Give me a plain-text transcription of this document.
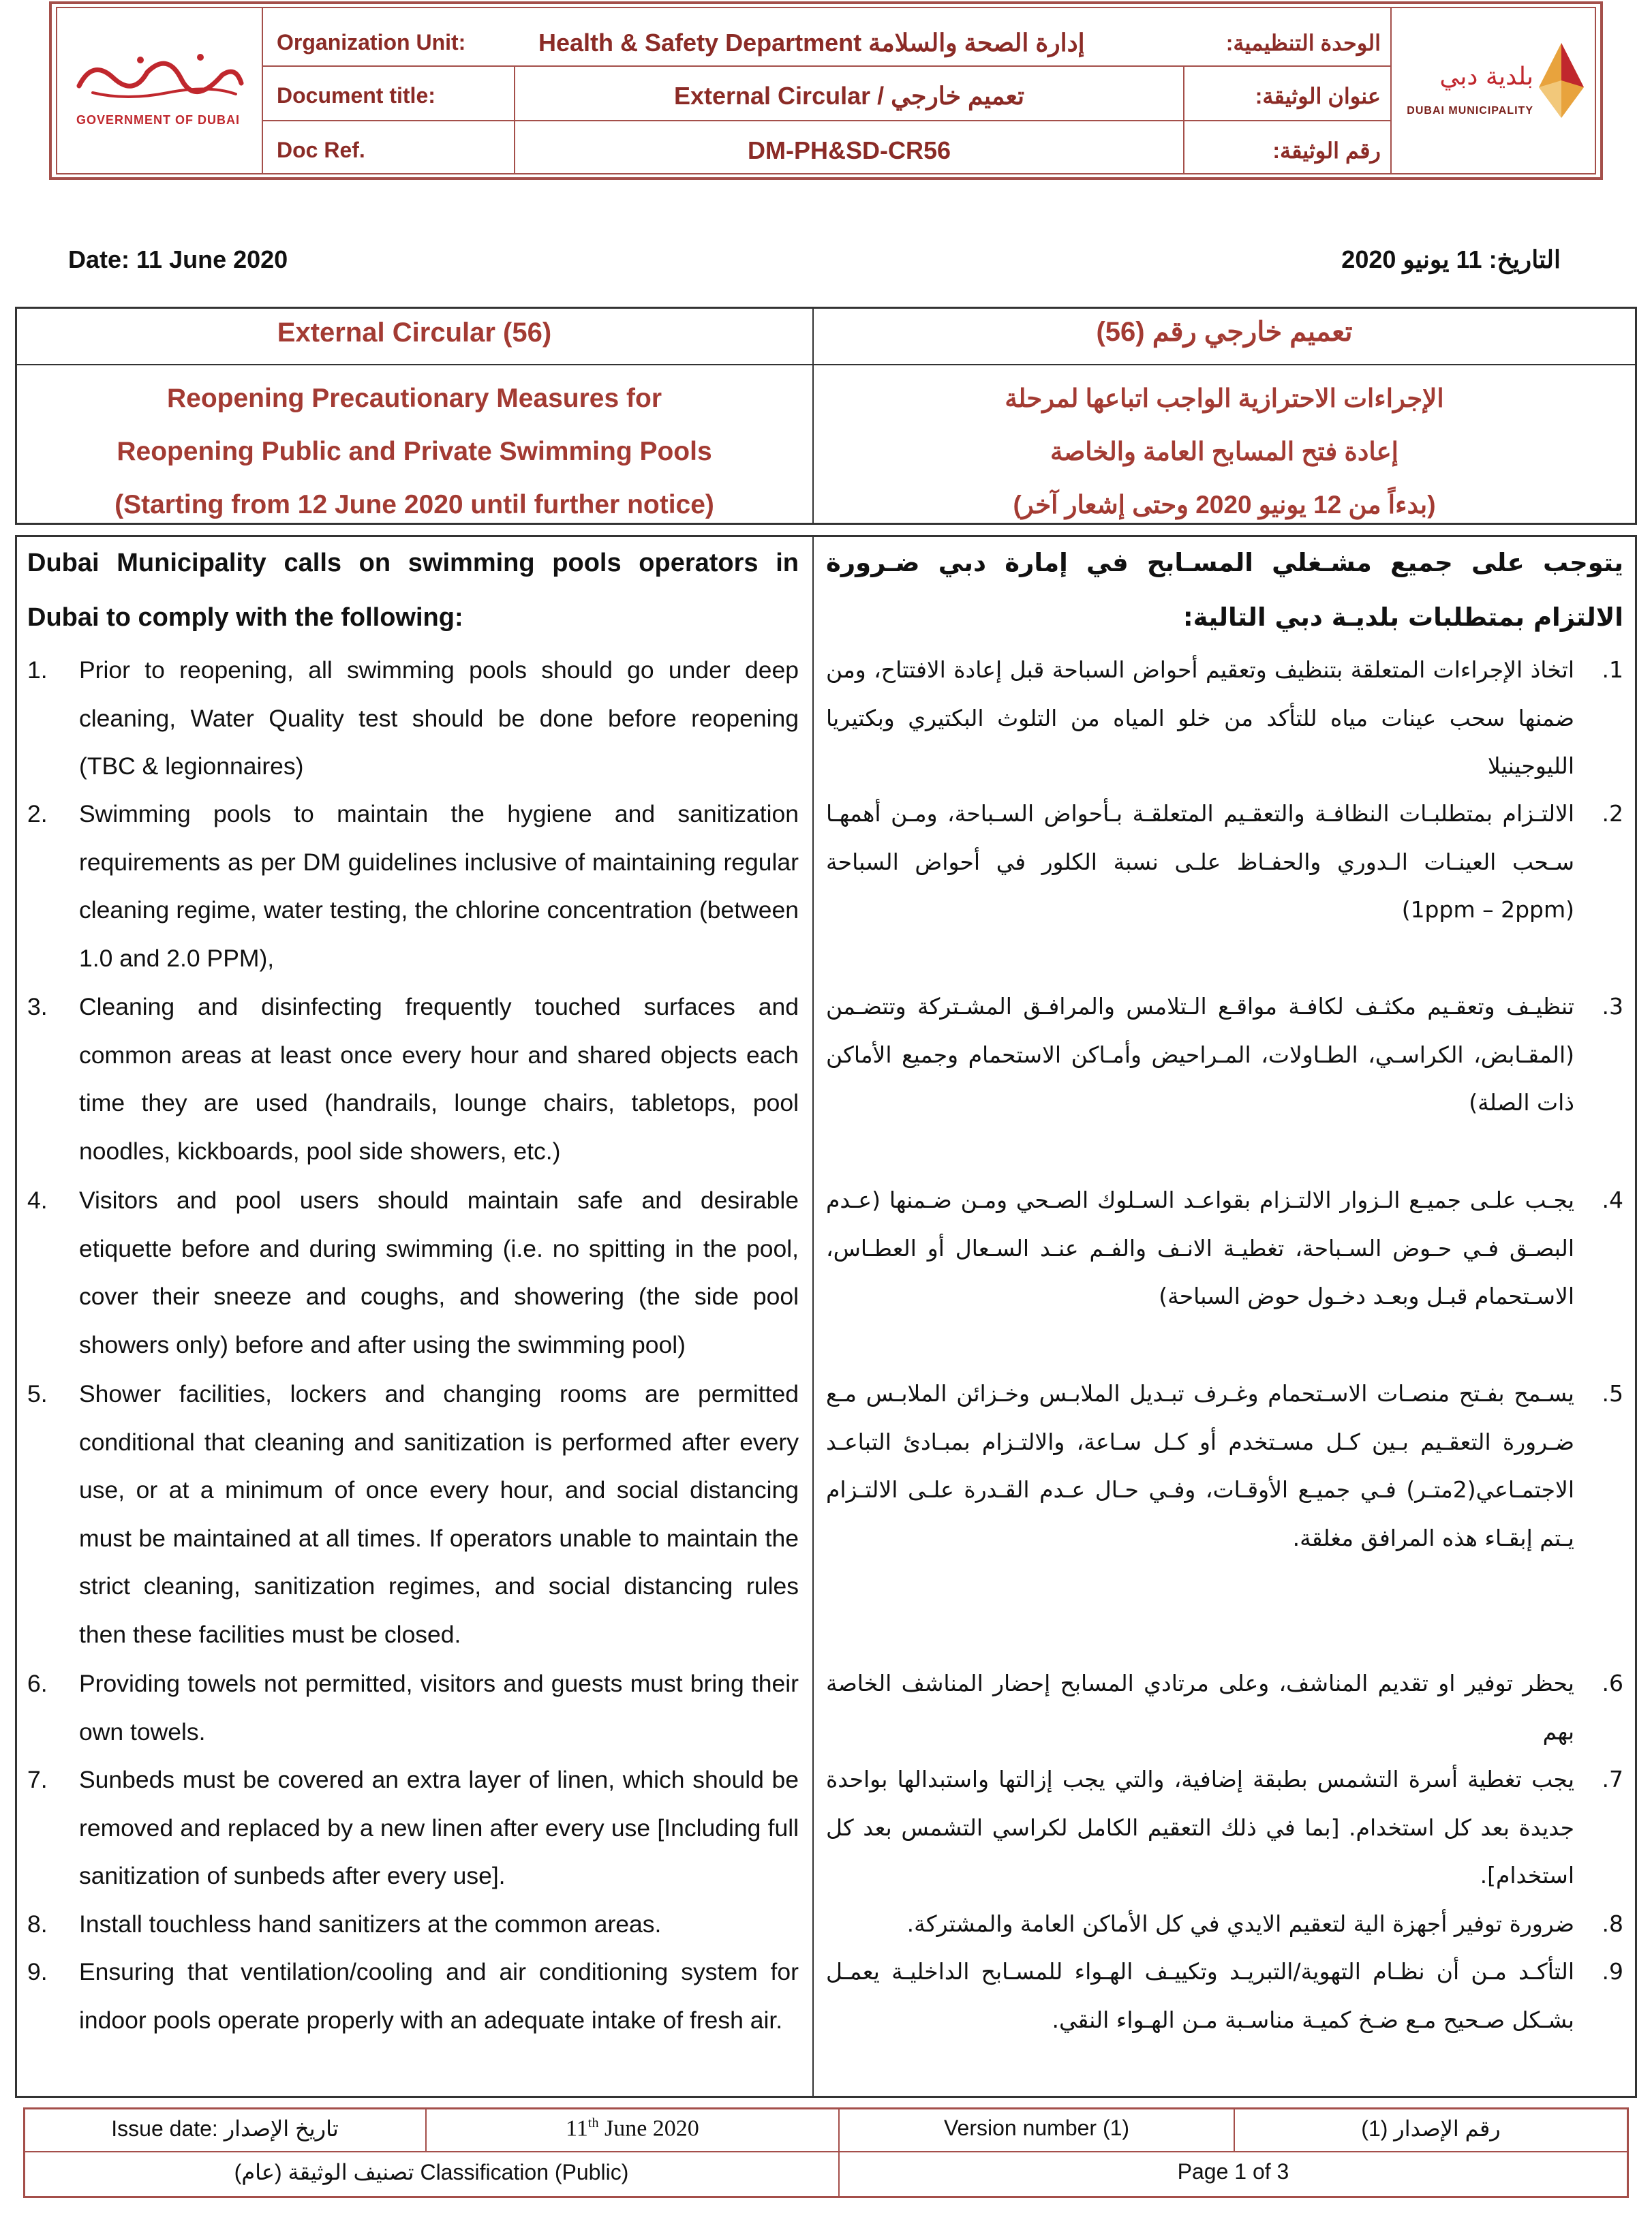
GOVERNMENT OF DUBAI
بلدية دبي
DUBAI MUNICIPALITY
Organization Unit:	Health & Safety Department إدارة الصحة والسلامة	الوحدة التنظيمية:
Document title:	External Circular / تعميم خارجي	عنوان الوثيقة:
Doc Ref.	DM-PH&SD-CR56	رقم الوثيقة:
Date: 11 June 2020	التاريخ: 11 يونيو 2020
External Circular (56)	تعميم خارجي رقم (56)
Reopening Precautionary Measures for
Reopening Public and Private Swimming Pools
(Starting from 12 June 2020 until further notice)
الإجراءات الاحترازية الواجب اتباعها لمرحلة
إعادة فتح المسابح العامة والخاصة
(بدءاً من 12 يونيو 2020 وحتى إشعار آخر)
Dubai Municipality calls on swimming pools operators in Dubai to comply with the following:
1. Prior to reopening, all swimming pools should go under deep cleaning, Water Quality test should be done before reopening (TBC & legionnaires)
2. Swimming pools to maintain the hygiene and sanitization requirements as per DM guidelines inclusive of maintaining regular cleaning regime, water testing, the chlorine concentration (between 1.0 and 2.0 PPM),
3. Cleaning and disinfecting frequently touched surfaces and common areas at least once every hour and shared objects each time they are used (handrails, lounge chairs, tabletops, pool noodles, kickboards, pool side showers, etc.)
4. Visitors and pool users should maintain safe and desirable etiquette before and during swimming (i.e. no spitting in the pool, cover their sneeze and coughs, and showering (the side pool showers only) before and after using the swimming pool)
5. Shower facilities, lockers and changing rooms are permitted conditional that cleaning and sanitization is performed after every use, or at a minimum of once every hour, and social distancing must be maintained at all times. If operators unable to maintain the strict cleaning, sanitization regimes, and social distancing rules then these facilities must be closed.
6. Providing towels not permitted, visitors and guests must bring their own towels.
7. Sunbeds must be covered an extra layer of linen, which should be removed and replaced by a new linen after every use [Including full sanitization of sunbeds after every use].
8. Install touchless hand sanitizers at the common areas.
9. Ensuring that ventilation/cooling and air conditioning system for indoor pools operate properly with an adequate intake of fresh air.
يتوجب على جميع مشـغلي المسـابح في إمارة دبي ضـرورة الالتزام بمتطلبات بلديـة دبي التالية:
.1
اتخاذ الإجراءات المتعلقة بتنظيف وتعقيم أحواض السباحة قبل إعادة الافتتاح، ومن ضمنها سحب عينات مياه للتأكد من خلو المياه من التلوث البكتيري وبكتيريا الليوجينيلا
.2
الالتـزام بمتطلبـات النظافـة والتعقـيم المتعلقـة بـأحواض السـباحة، ومـن أهمهـا سـحب العينـات الـدوري والحفـاظ علـى نسبة الكلور في أحواض السباحة (1ppm – 2ppm)
.3
تنظيـف وتعقـيم مكثـف لكافـة مواقـع الـتلامس والمرافـق المشـتركة وتتضـمن (المقـابض، الكراسـي، الطـاولات، المـراحيض وأمـاكن الاستحمام وجميع الأماكن ذات الصلة)
.4
يجـب علـى جميـع الـزوار الالتـزام بقواعـد السـلوك الصـحي ومـن ضـمنها (عـدم البصـق فـي حـوض السـباحة، تغطيـة الانـف والفـم عنـد السـعال أو العطـاس، الاسـتحمام قبـل وبعـد دخـول حوض السباحة)
.5
يسـمح بفـتح منصـات الاسـتحمام وغـرف تبـديل الملابـس وخـزائن الملابـس مـع ضـرورة التعقـيم بـين كـل مسـتخدم أو كـل سـاعة، والالتـزام بمبـادئ التباعـد الاجتمـاعي(2متـر) فـي جميـع الأوقـات، وفـي حـال عـدم القـدرة علـى الالتـزام يـتم إبقـاء هذه المرافق مغلقة.
.6
يحظر توفير او تقديم المناشف، وعلى مرتادي المسابح إحضار المناشف الخاصة بهم
.7
يجب تغطية أسرة التشمس بطبقة إضافية، والتي يجب إزالتها واستبدالها بواحدة جديدة بعد كل استخدام. [بما في ذلك التعقيم الكامل لكراسي التشمس بعد كل استخدام].
.8
ضرورة توفير أجهزة الية لتعقيم الايدي في كل الأماكن العامة والمشتركة.
.9
التأكـد مـن أن نظـام التهوية/التبريـد وتكييـف الهـواء للمسـابح الداخليـة يعمـل بشـكل صـحيح مـع ضـخ كميـة مناسـبة مـن الهـواء النقي.
Issue date: تاريخ الإصدار	11th June 2020	Version number (1)	رقم الإصدار (1)
تصنيف الوثيقة (عام) Classification (Public)	Page 1 of 3
